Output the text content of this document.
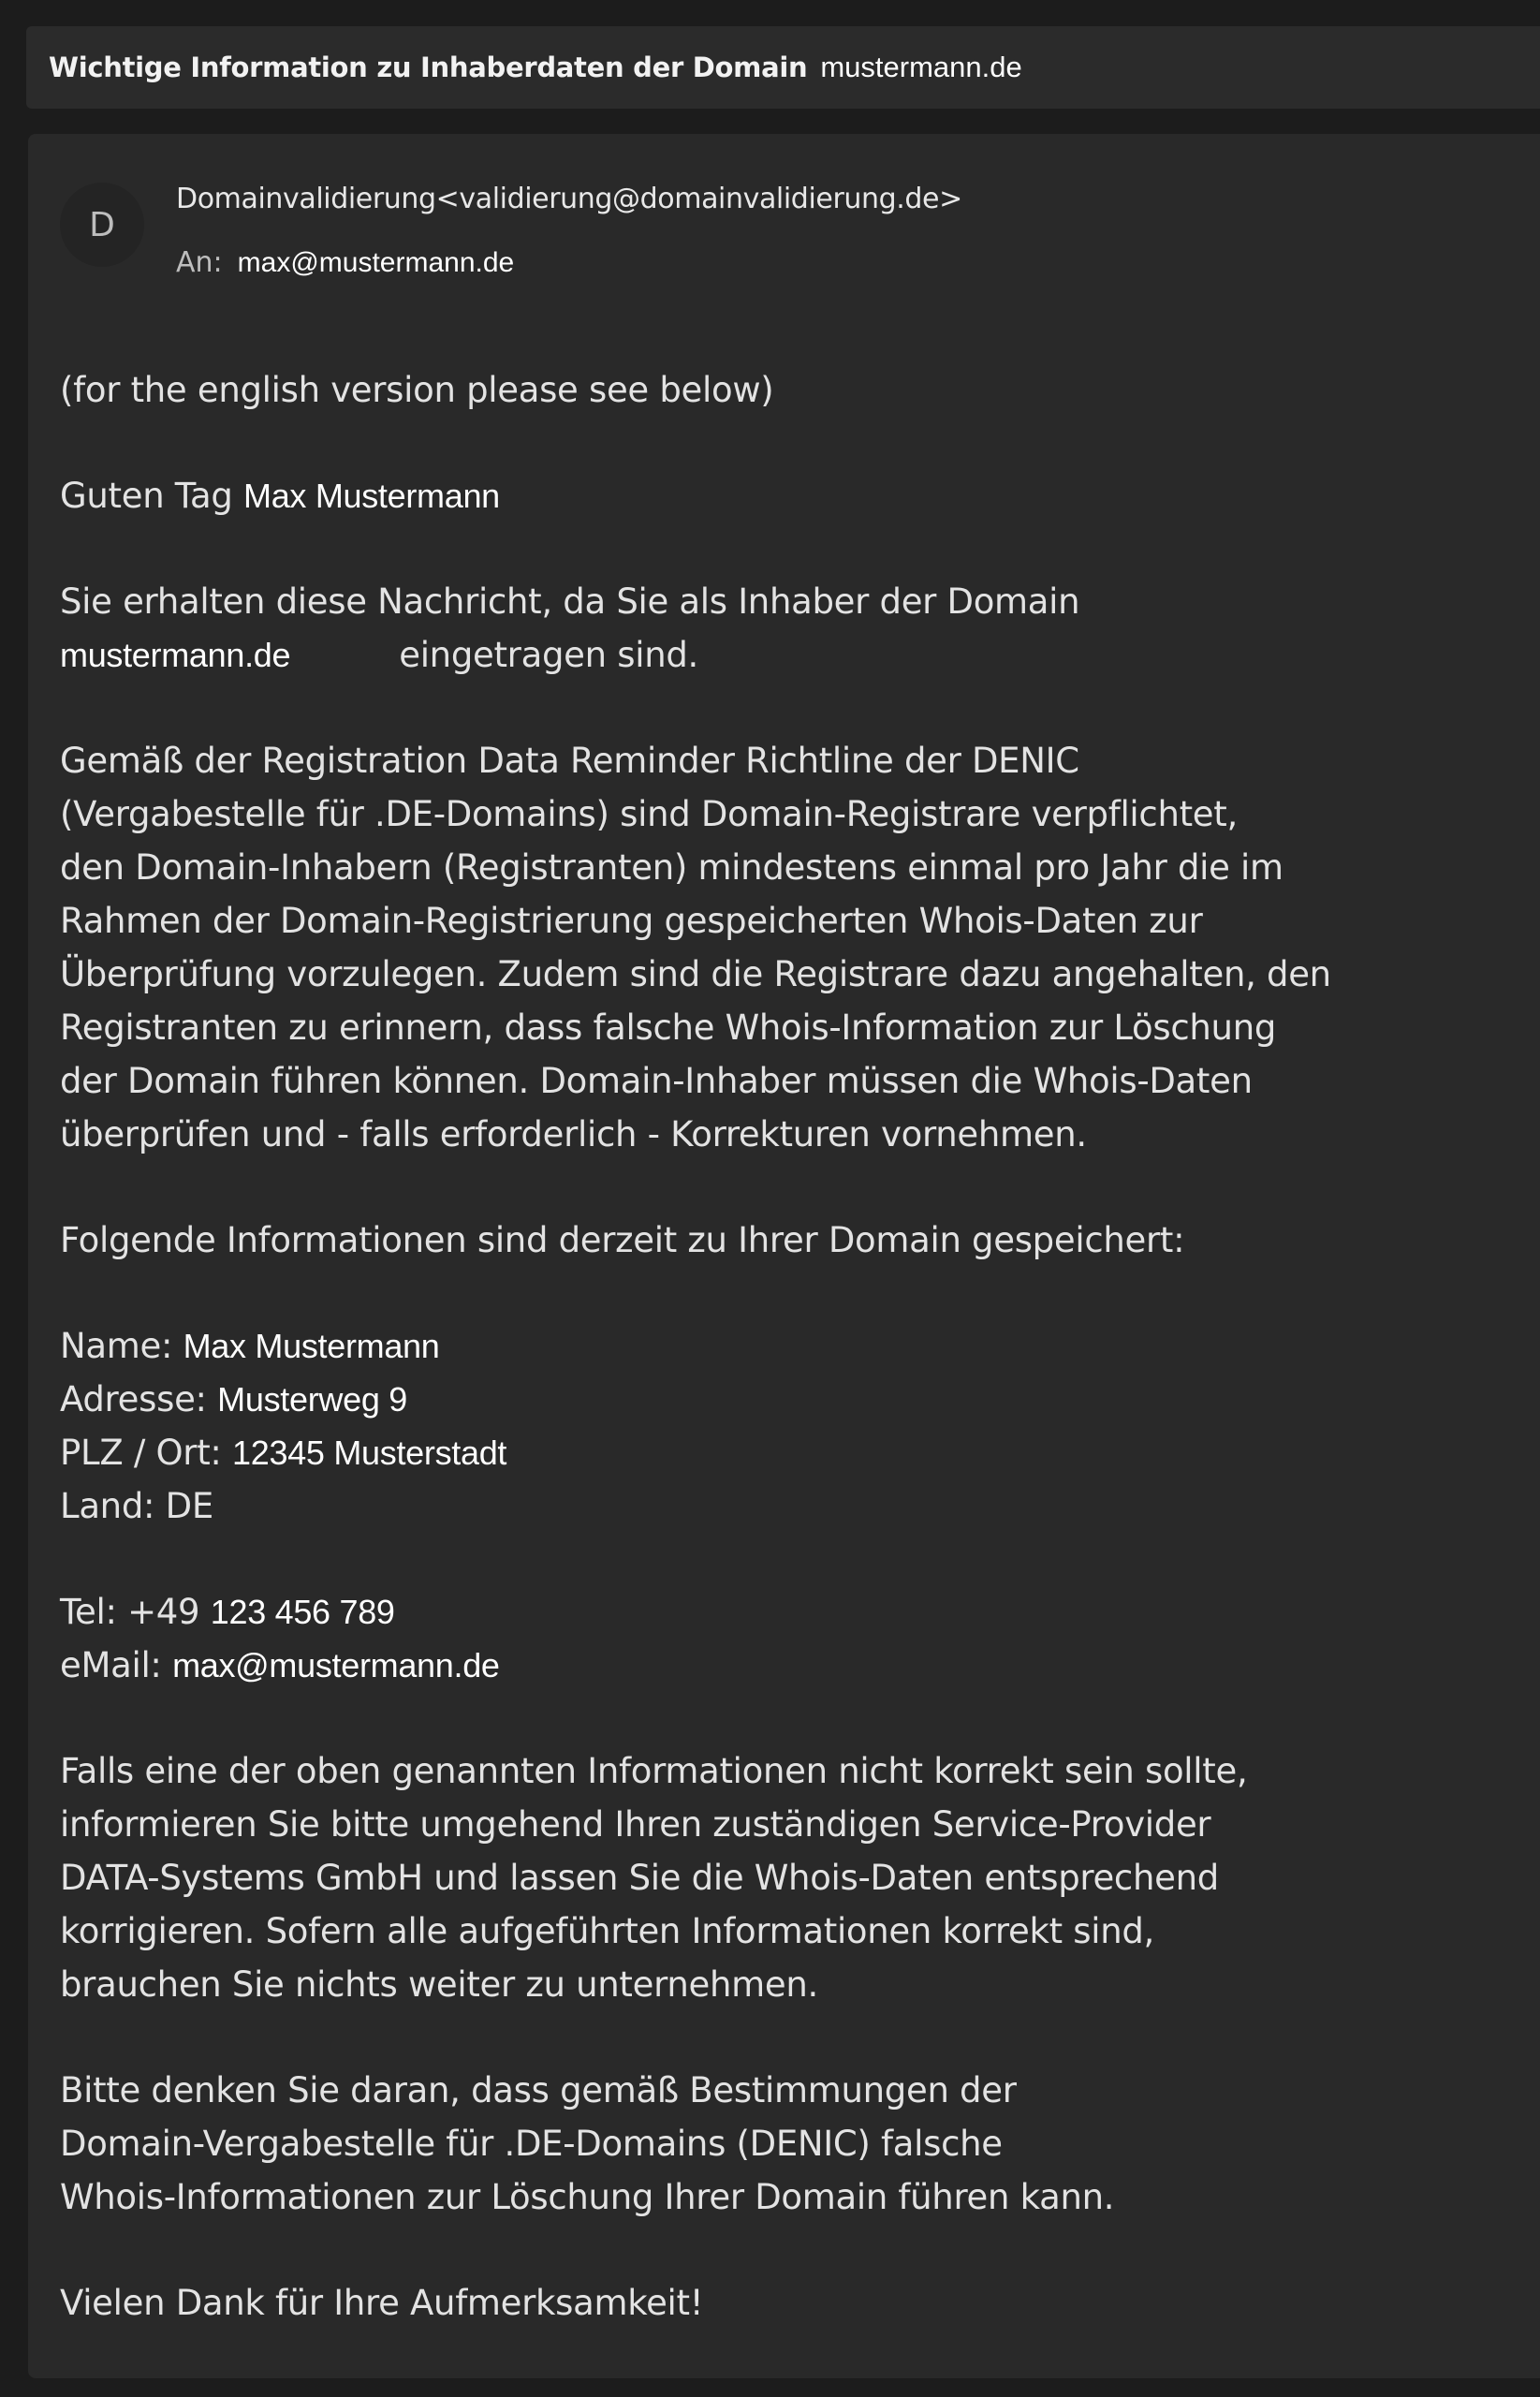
Wichtige Information zu Inhaberdaten der Domain mustermann.de
D
Domainvalidierung<validierung@domainvalidierung.de>
An: max@mustermann.de

(for the english version please see below)

Guten Tag Max Mustermann

Sie erhalten diese Nachricht, da Sie als Inhaber der Domain
mustermann.de	eingetragen sind.

Gemäß der Registration Data Reminder Richtline der DENIC
(Vergabestelle für .DE-Domains) sind Domain-Registrare verpflichtet,
den Domain-Inhabern (Registranten) mindestens einmal pro Jahr die im
Rahmen der Domain-Registrierung gespeicherten Whois-Daten zur
Überprüfung vorzulegen. Zudem sind die Registrare dazu angehalten, den
Registranten zu erinnern, dass falsche Whois-Information zur Löschung
der Domain führen können. Domain-Inhaber müssen die Whois-Daten
überprüfen und - falls erforderlich - Korrekturen vornehmen.

Folgende Informationen sind derzeit zu Ihrer Domain gespeichert:

Name: Max Mustermann
Adresse: Musterweg 9
PLZ / Ort: 12345 Musterstadt
Land: DE
Tel: +49 123 456 789
eMail: max@mustermann.de

Falls eine der oben genannten Informationen nicht korrekt sein sollte,
informieren Sie bitte umgehend Ihren zuständigen Service-Provider
DATA-Systems GmbH und lassen Sie die Whois-Daten entsprechend
korrigieren. Sofern alle aufgeführten Informationen korrekt sind,
brauchen Sie nichts weiter zu unternehmen.

Bitte denken Sie daran, dass gemäß Bestimmungen der
Domain-Vergabestelle für .DE-Domains (DENIC) falsche
Whois-Informationen zur Löschung Ihrer Domain führen kann.

Vielen Dank für Ihre Aufmerksamkeit!
